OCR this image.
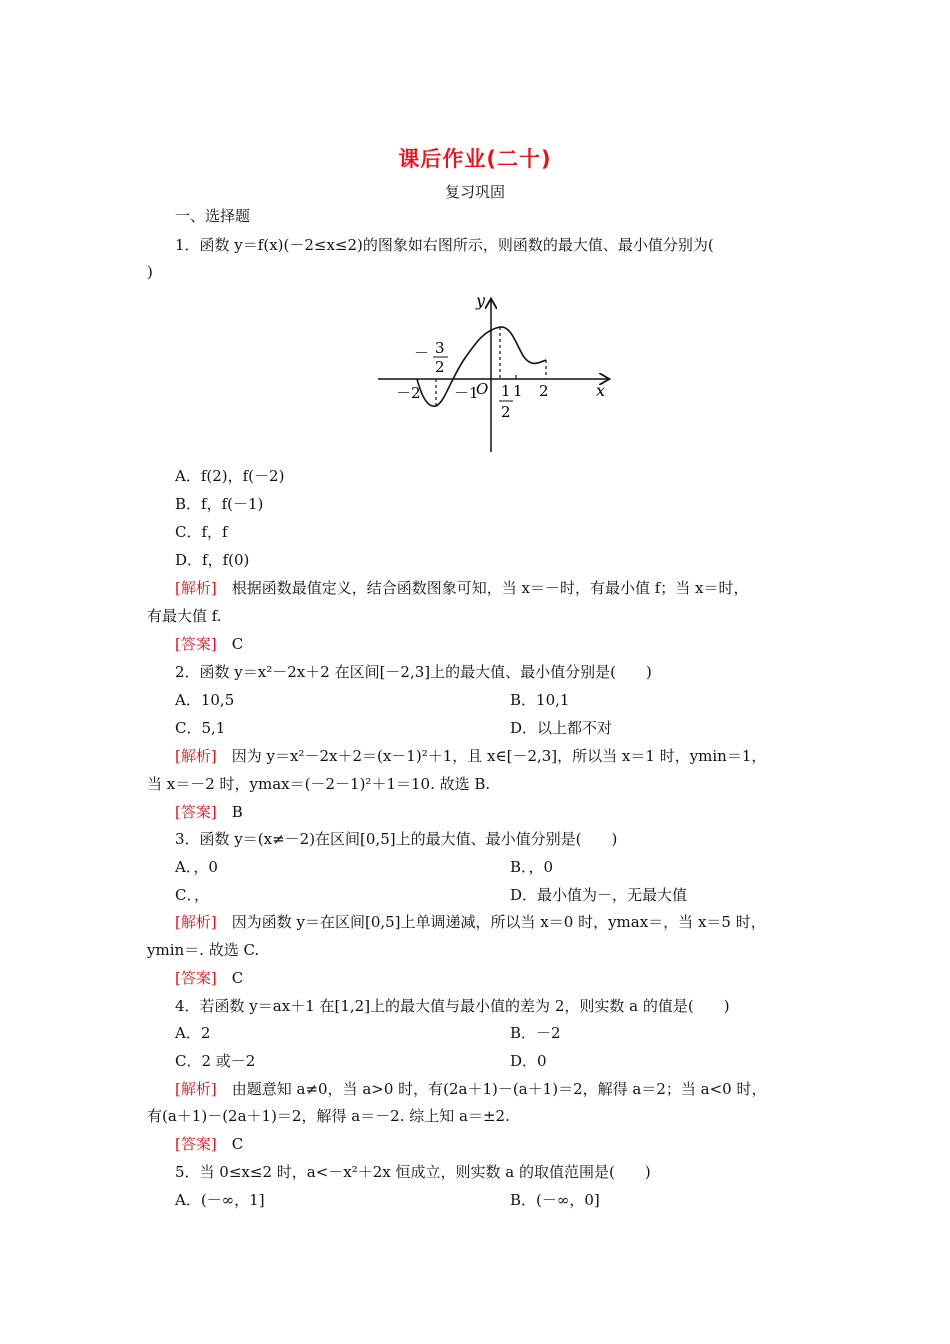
课后作业(二十)
复习巩固
一、选择题
1．函数 y＝f(x)(－2≤x≤2)的图象如右图所示，则函数的最大值、最小值分别为(
)
y
x
－ 3
2
－2 －1
O 1
2
1 2
A．f(2)，f(－2)
B．f，f(－1)
C．f，f
D．f，f(0)
[解析]　 根据函数最值定义，结合函数图象可知，当 x＝－时，有最小值 f；当 x＝时，
有最大值 f.
[答案]　 C
2．函数 y＝x²－2x＋2 在区间[－2,3]上的最大值、最小值分别是(　　)
A．10,5	B．10,1
C．5,1	D．以上都不对
[解析]　 因为 y＝x²－2x＋2＝(x－1)²＋1，且 x∈[－2,3]，所以当 x＝1 时，ymin＝1，
当 x＝－2 时，ymax＝(－2－1)²＋1＝10. 故选 B.
[答案]　 B
3．函数 y＝(x≠－2)在区间[0,5]上的最大值、最小值分别是(　　)
A．，0	B．，0
C．，	D．最小值为－，无最大值
[解析]　 因为函数 y＝在区间[0,5]上单调递减，所以当 x＝0 时，ymax＝，当 x＝5 时，
ymin＝. 故选 C.
[答案]　 C
4．若函数 y＝ax＋1 在[1,2]上的最大值与最小值的差为 2，则实数 a 的值是(　　)
A．2	B．－2
C．2 或－2	D．0
[解析]　 由题意知 a≠0，当 a>0 时，有(2a＋1)－(a＋1)＝2，解得 a＝2；当 a<0 时，
有(a＋1)－(2a＋1)＝2，解得 a＝－2. 综上知 a＝±2.
[答案]　 C
5．当 0≤x≤2 时，a<－x²＋2x 恒成立，则实数 a 的取值范围是(　　)
A．(－∞，1]	B．(－∞，0]
